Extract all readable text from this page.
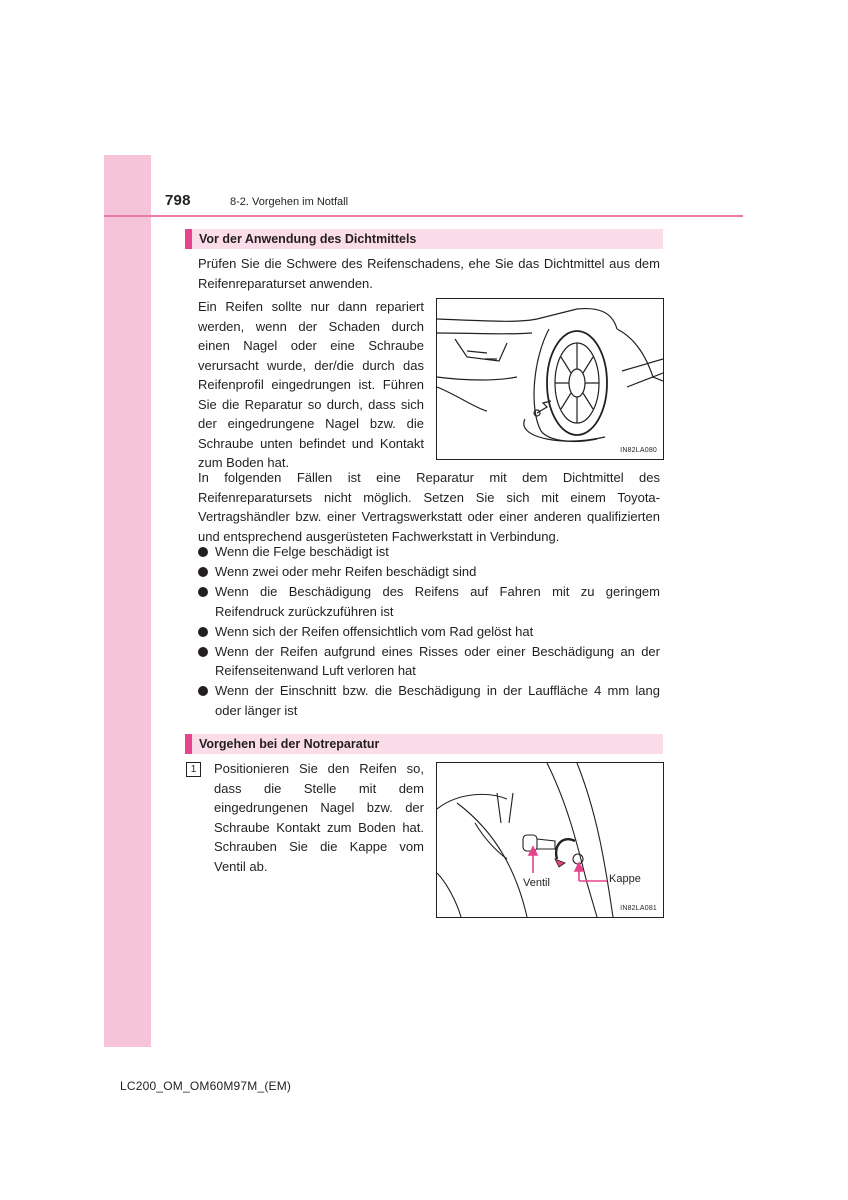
798	8-2. Vorgehen im Notfall
Vor der Anwendung des Dichtmittels

Prüfen Sie die Schwere des Reifenschadens, ehe Sie das Dichtmittel aus dem Reifenreparaturset anwenden.

Ein Reifen sollte nur dann repariert werden, wenn der Schaden durch einen Nagel oder eine Schraube verursacht wurde, der/die durch das Reifenprofil eingedrungen ist. Führen Sie die Reparatur so durch, dass sich der eingedrungene Nagel bzw. die Schraube unten befindet und Kontakt zum Boden hat.

IN82LA080

In folgenden Fällen ist eine Reparatur mit dem Dichtmittel des Reifenreparatursets nicht möglich. Setzen Sie sich mit einem Toyota-Vertragshändler bzw. einer Vertragswerkstatt oder einer anderen qualifizierten und entsprechend ausgerüsteten Fachwerkstatt in Verbindung.

Wenn die Felge beschädigt ist
Wenn zwei oder mehr Reifen beschädigt sind
Wenn die Beschädigung des Reifens auf Fahren mit zu geringem Reifendruck zurückzuführen ist
Wenn sich der Reifen offensichtlich vom Rad gelöst hat
Wenn der Reifen aufgrund eines Risses oder einer Beschädigung an der Reifenseitenwand Luft verloren hat
Wenn der Einschnitt bzw. die Beschädigung in der Lauffläche 4 mm lang oder länger ist
Vorgehen bei der Notreparatur
1	Positionieren Sie den Reifen so, dass die Stelle mit dem eingedrungenen Nagel bzw. der Schraube Kontakt zum Boden hat. Schrauben Sie die Kappe vom Ventil ab.

Ventil	Kappe
IN82LA081
LC200_OM_OM60M97M_(EM)
